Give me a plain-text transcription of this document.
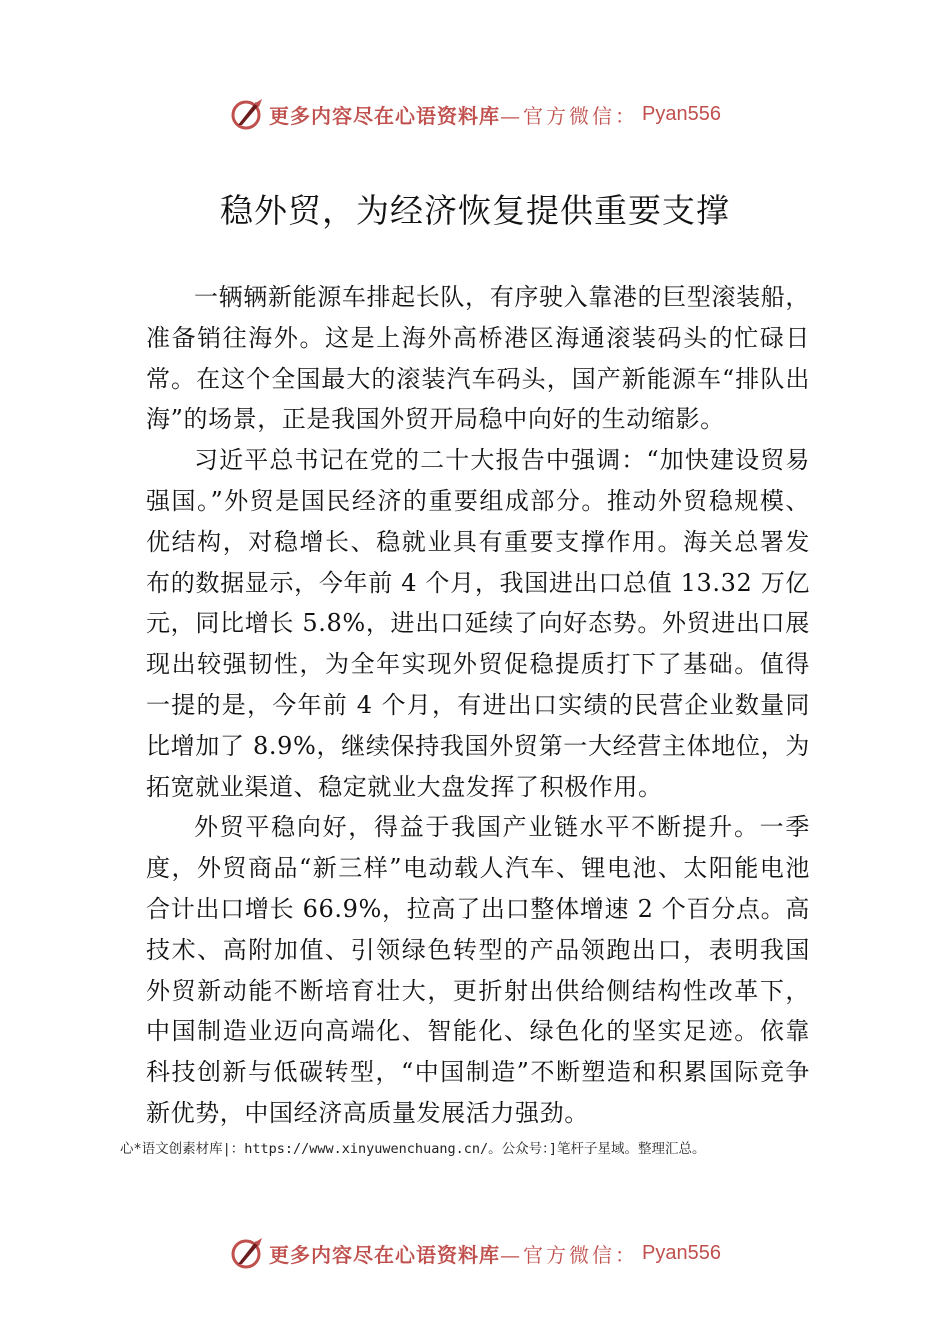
更多内容尽在心语资料库 —官方微信： Pyan556
稳外贸，为经济恢复提供重要支撑

一辆辆新能源车排起长队，有序驶入靠港的巨型滚装船，准备销往海外。这是上海外高桥港区海通滚装码头的忙碌日常。在这个全国最大的滚装汽车码头，国产新能源车“排队出海”的场景，正是我国外贸开局稳中向好的生动缩影。

习近平总书记在党的二十大报告中强调：“加快建设贸易强国。”外贸是国民经济的重要组成部分。推动外贸稳规模、优结构，对稳增长、稳就业具有重要支撑作用。海关总署发布的数据显示，今年前 4 个月，我国进出口总值 13.32 万亿元，同比增长 5.8%，进出口延续了向好态势。外贸进出口展现出较强韧性，为全年实现外贸促稳提质打下了基础。值得一提的是，今年前 4 个月，有进出口实绩的民营企业数量同比增加了 8.9%，继续保持我国外贸第一大经营主体地位，为拓宽就业渠道、稳定就业大盘发挥了积极作用。

外贸平稳向好，得益于我国产业链水平不断提升。一季度，外贸商品“新三样”电动载人汽车、锂电池、太阳能电池合计出口增长 66.9%，拉高了出口整体增速 2 个百分点。高技术、高附加值、引领绿色转型的产品领跑出口，表明我国外贸新动能不断培育壮大，更折射出供给侧结构性改革下， 中国制造业迈向高端化、智能化、绿色化的坚实足迹。依靠科技创新与低碳转型，“中国制造”不断塑造和积累国际竞争新优势，中国经济高质量发展活力强劲。

心*语文创素材库|：https://www.xinyuwenchuang.cn/。公众号：]笔杆子星域。整理汇总。
更多内容尽在心语资料库 —官方微信： Pyan556
